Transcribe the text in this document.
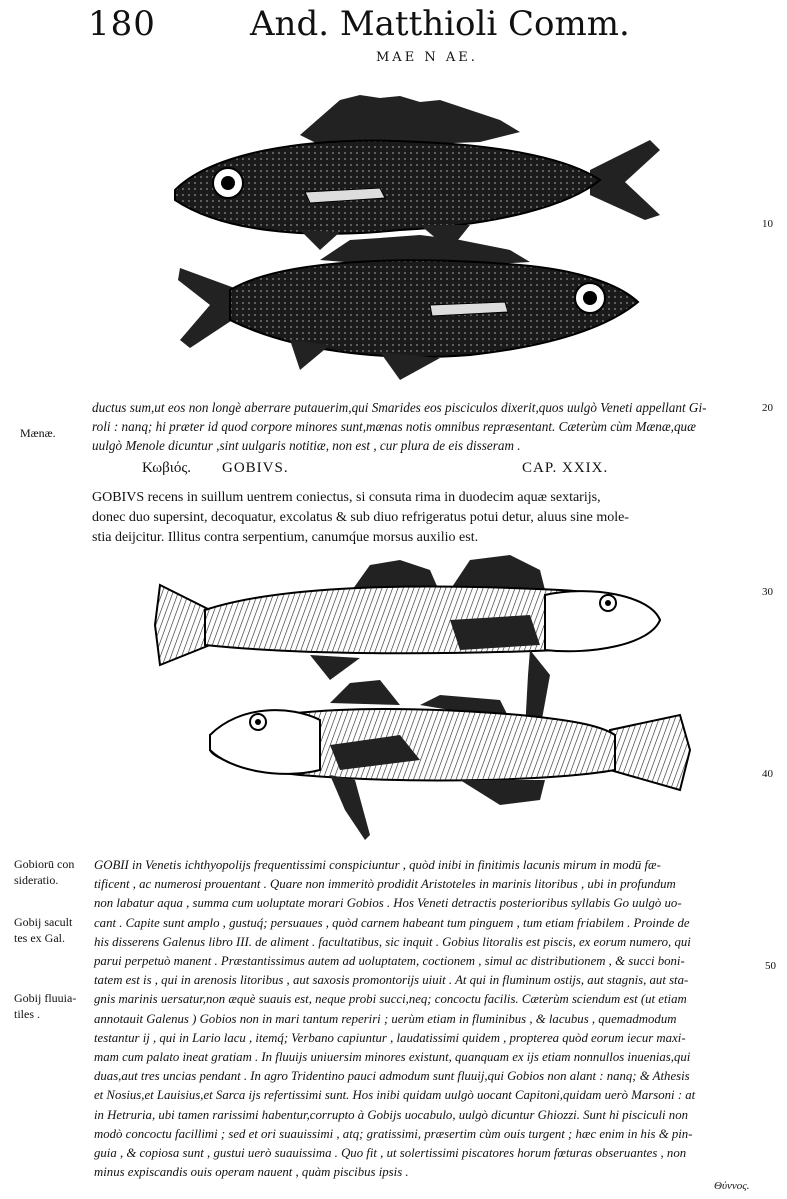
180	And. Matthioli Comm.
MAE N AE.
10
20
30
40
50
Mænæ.
ductus sum,ut eos non longè aberrare putauerim,qui Smarides eos pisciculos dixerit,quos uulgò Veneti appellant Gi-
roli : nanq; hi præter id quod corpore minores sunt,mænas notis omnibus repræsentant. Cæterùm cùm Mænæ,quæ
uulgò Menole dicuntur ,sint uulgaris notitiæ, non est , cur plura de eis disseram .
Κωβιός. GOBIVS.	CAP. XXIX.
GOBIVS recens in suillum uentrem coniectus, si consuta rima in duodecim aquæ sextarijs,
donec duo supersint, decoquatur, excolatus & sub diuo refrigeratus potui detur, aluus sine mole-
stia deijcitur. Illitus contra serpentium, canumq́ue morsus auxilio est.
Gobiorū con
sideratio.
Gobij sacult
tes ex Gal.
Gobij fluuia-
tiles .
GOBII in Venetis ichthyopolijs frequentissimi conspiciuntur , quòd inibi in finitimis lacunis mirum in modū fæ-
tificent , ac numerosi prouentant . Quare non immeritò prodidit Aristoteles in marinis litoribus , ubi in profundum
non labatur aqua , summa cum uoluptate morari Gobios . Hos Veneti detractis posterioribus syllabis Go uulgò uo-
cant . Capite sunt amplo , gustuq́; persuaues , quòd carnem habeant tum pinguem , tum etiam friabilem . Proinde de
his disserens Galenus libro III. de aliment . facultatibus, sic inquit . Gobius litoralis est piscis, ex eorum numero, qui
parui perpetuò manent . Præstantissimus autem ad uoluptatem, coctionem , simul ac distributionem , & succi boni-
tatem est is , qui in arenosis litoribus , aut saxosis promontorijs uiuit . At qui in fluminum ostijs, aut stagnis, aut sta-
gnis marinis uersatur,non æquè suauis est, neque probi succi,neq; concoctu facilis. Cæterùm sciendum est (ut etiam
annotauit Galenus ) Gobios non in mari tantum reperiri ; uerùm etiam in fluminibus , & lacubus , quemadmodum
testantur ij , qui in Lario lacu , itemq́; Verbano capiuntur , laudatissimi quidem , propterea quòd eorum iecur maxi-
mam cum palato ineat gratiam . In fluuijs uniuersim minores existunt, quanquam ex ijs etiam nonnullos inuenias,qui
duas,aut tres uncias pendant . In agro Tridentino pauci admodum sunt fluuij,qui Gobios non alant : nanq; & Athesis
et Nosius,et Lauisius,et Sarca ijs refertissimi sunt. Hos inibi quidam uulgò uocant Capitoni,quidam uerò Marsoni : at
in Hetruria, ubi tamen rarissimi habentur,corrupto à Gobijs uocabulo, uulgò dicuntur Ghiozzi. Sunt hi pisciculi non
modò concoctu facillimi ; sed et ori suauissimi , atq; gratissimi, præsertim cùm ouis turgent ; hæc enim in his & pin-
guia , & copiosa sunt , gustui uerò suauissima . Quo fit , ut solertissimi piscatores horum fœturas obseruantes , non
minus expiscandis ouis operam nauent , quàm piscibus ipsis .
Θύννος.
